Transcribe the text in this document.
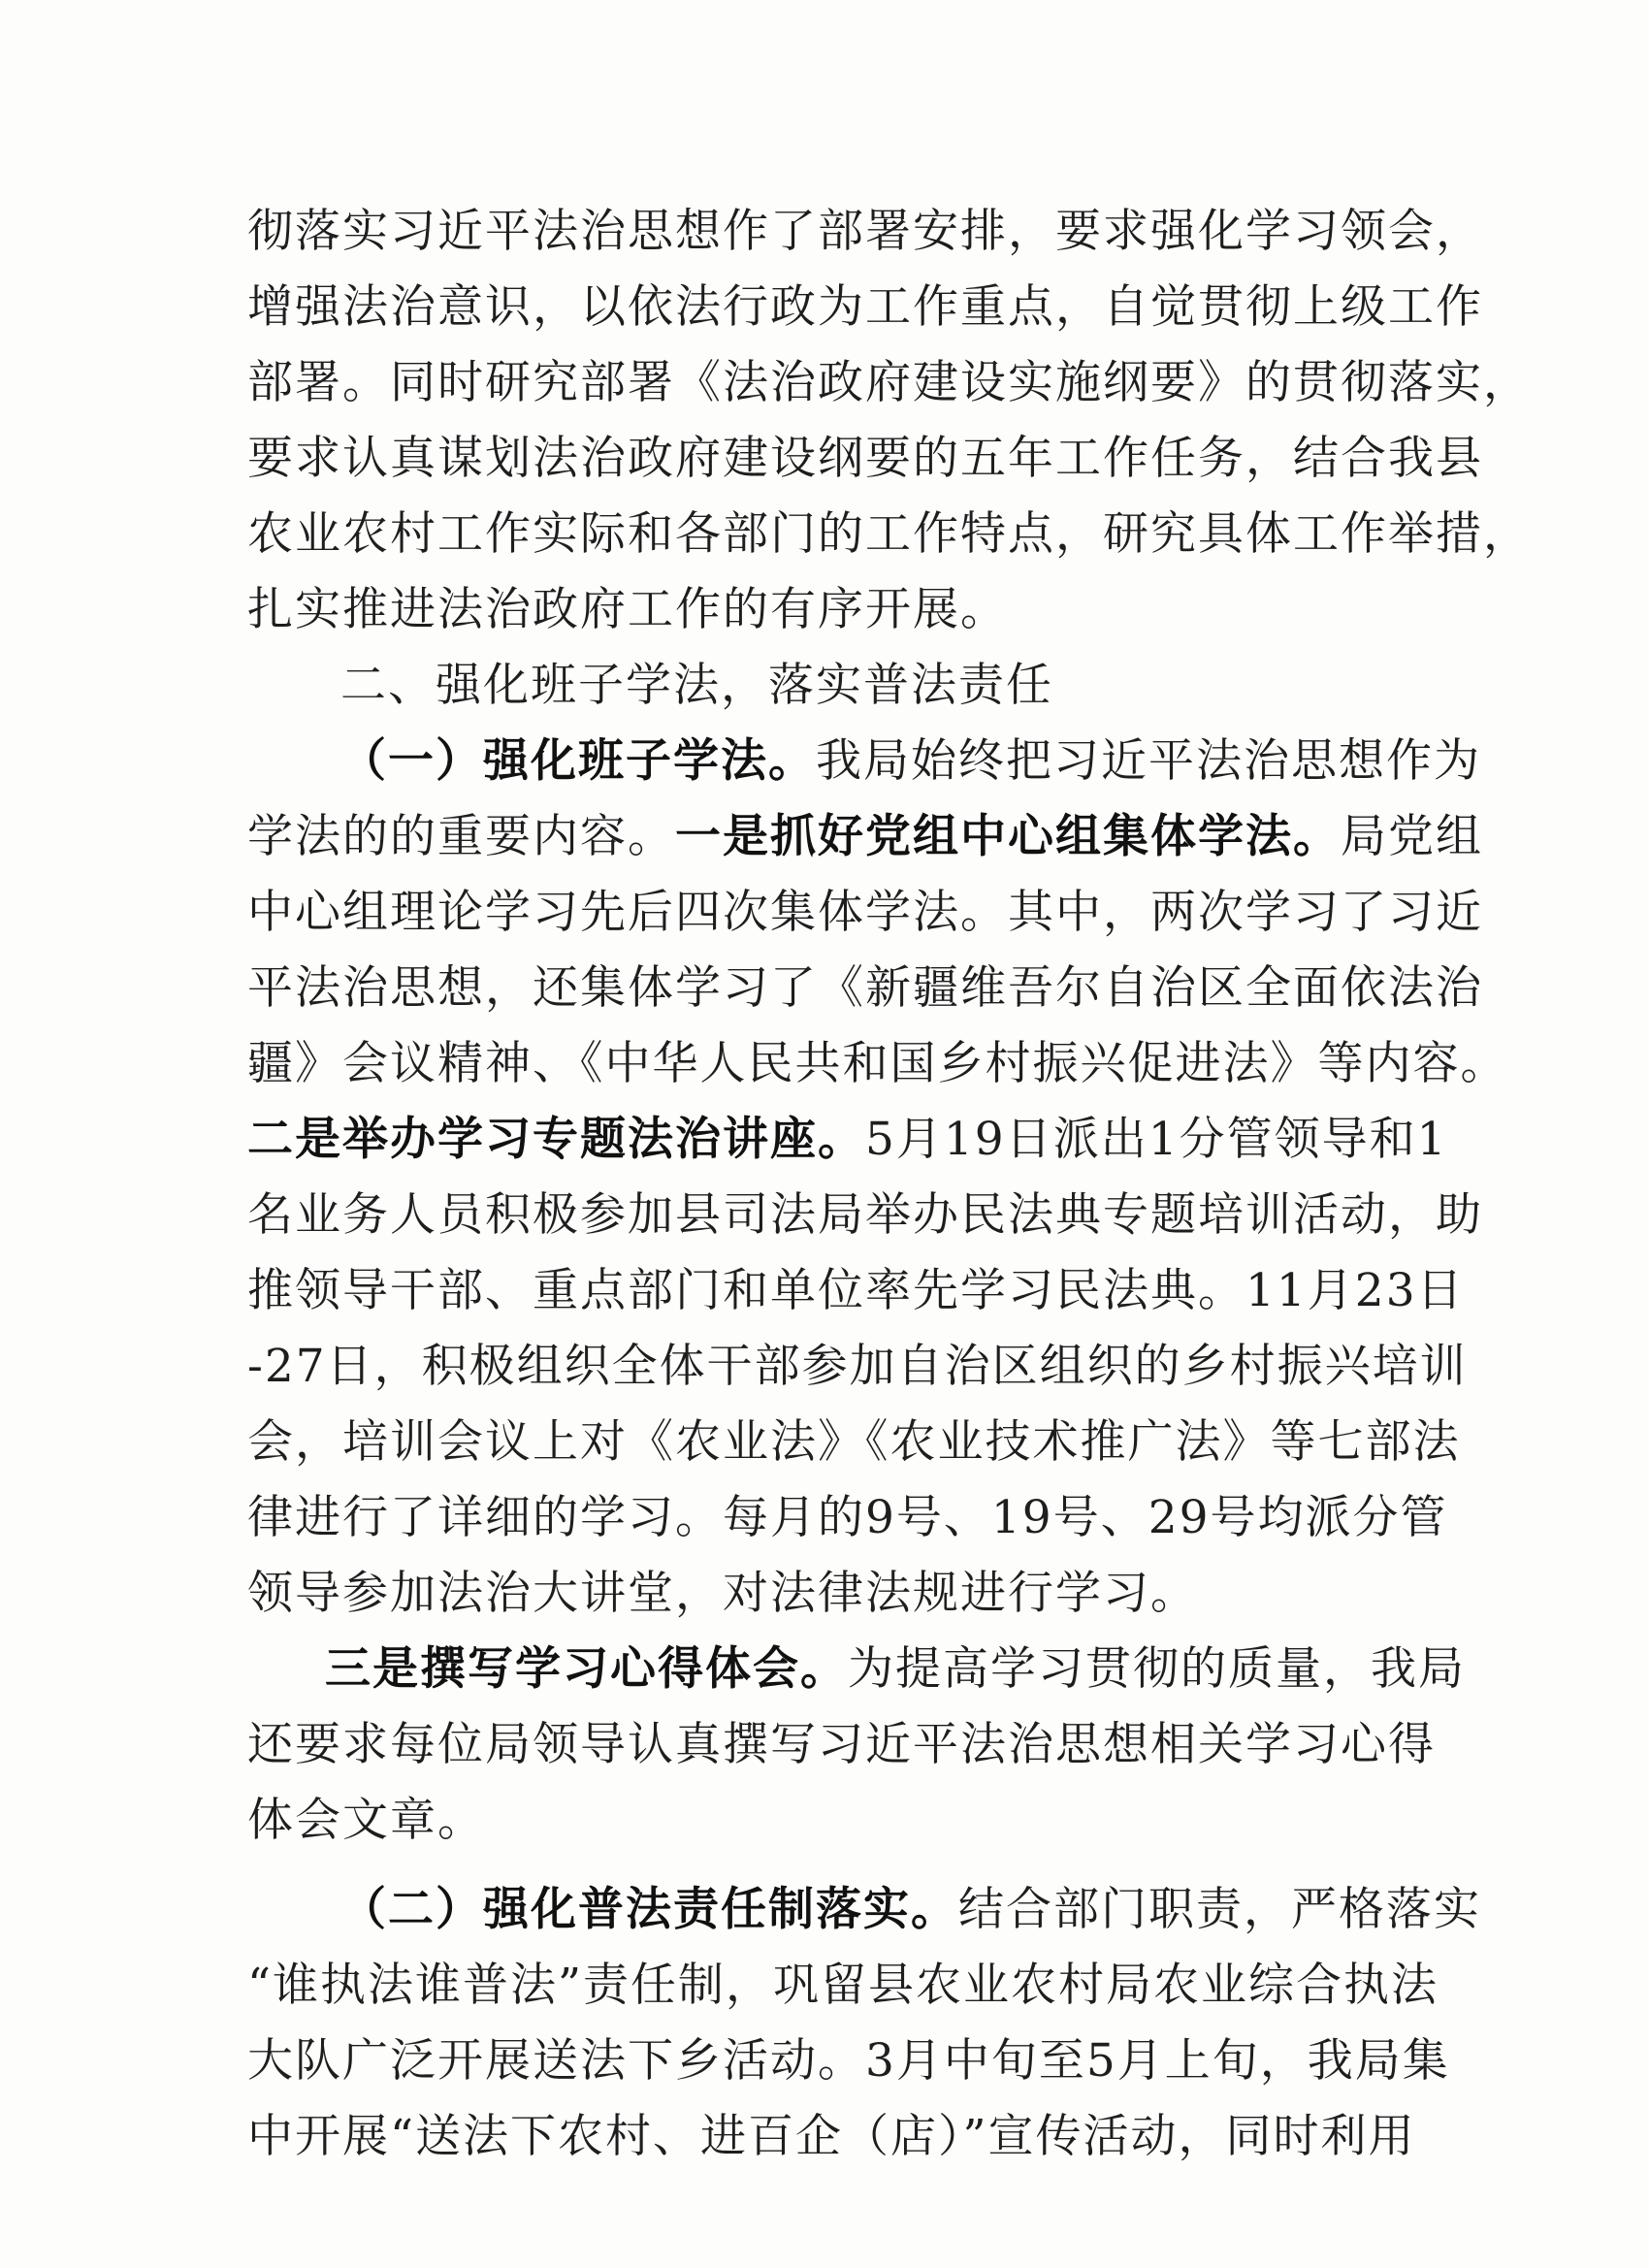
彻落实习近平法治思想作了部署安排，要求强化学习领会，
增强法治意识，以依法行政为工作重点，自觉贯彻上级工作
部署。同时研究部署《法治政府建设实施纲要》的贯彻落实，
要求认真谋划法治政府建设纲要的五年工作任务，结合我县
农业农村工作实际和各部门的工作特点，研究具体工作举措，
扎实推进法治政府工作的有序开展。
二、强化班子学法，落实普法责任
（一）强化班子学法。我局始终把习近平法治思想作为
学法的的重要内容。一是抓好党组中心组集体学法。局党组
中心组理论学习先后四次集体学法。其中，两次学习了习近
平法治思想，还集体学习了《新疆维吾尔自治区全面依法治
疆》会议精神、《中华人民共和国乡村振兴促进法》等内容。
二是举办学习专题法治讲座。5月19日派出1分管领导和1
名业务人员积极参加县司法局举办民法典专题培训活动，助
推领导干部、重点部门和单位率先学习民法典。11月23日
-27日，积极组织全体干部参加自治区组织的乡村振兴培训
会，培训会议上对《农业法》《农业技术推广法》等七部法
律进行了详细的学习。每月的9号、19号、29号均派分管
领导参加法治大讲堂，对法律法规进行学习。
三是撰写学习心得体会。为提高学习贯彻的质量，我局
还要求每位局领导认真撰写习近平法治思想相关学习心得
体会文章。
（二）强化普法责任制落实。结合部门职责，严格落实
“谁执法谁普法”责任制，巩留县农业农村局农业综合执法
大队广泛开展送法下乡活动。3月中旬至5月上旬，我局集
中开展“送法下农村、进百企（店）”宣传活动，同时利用
